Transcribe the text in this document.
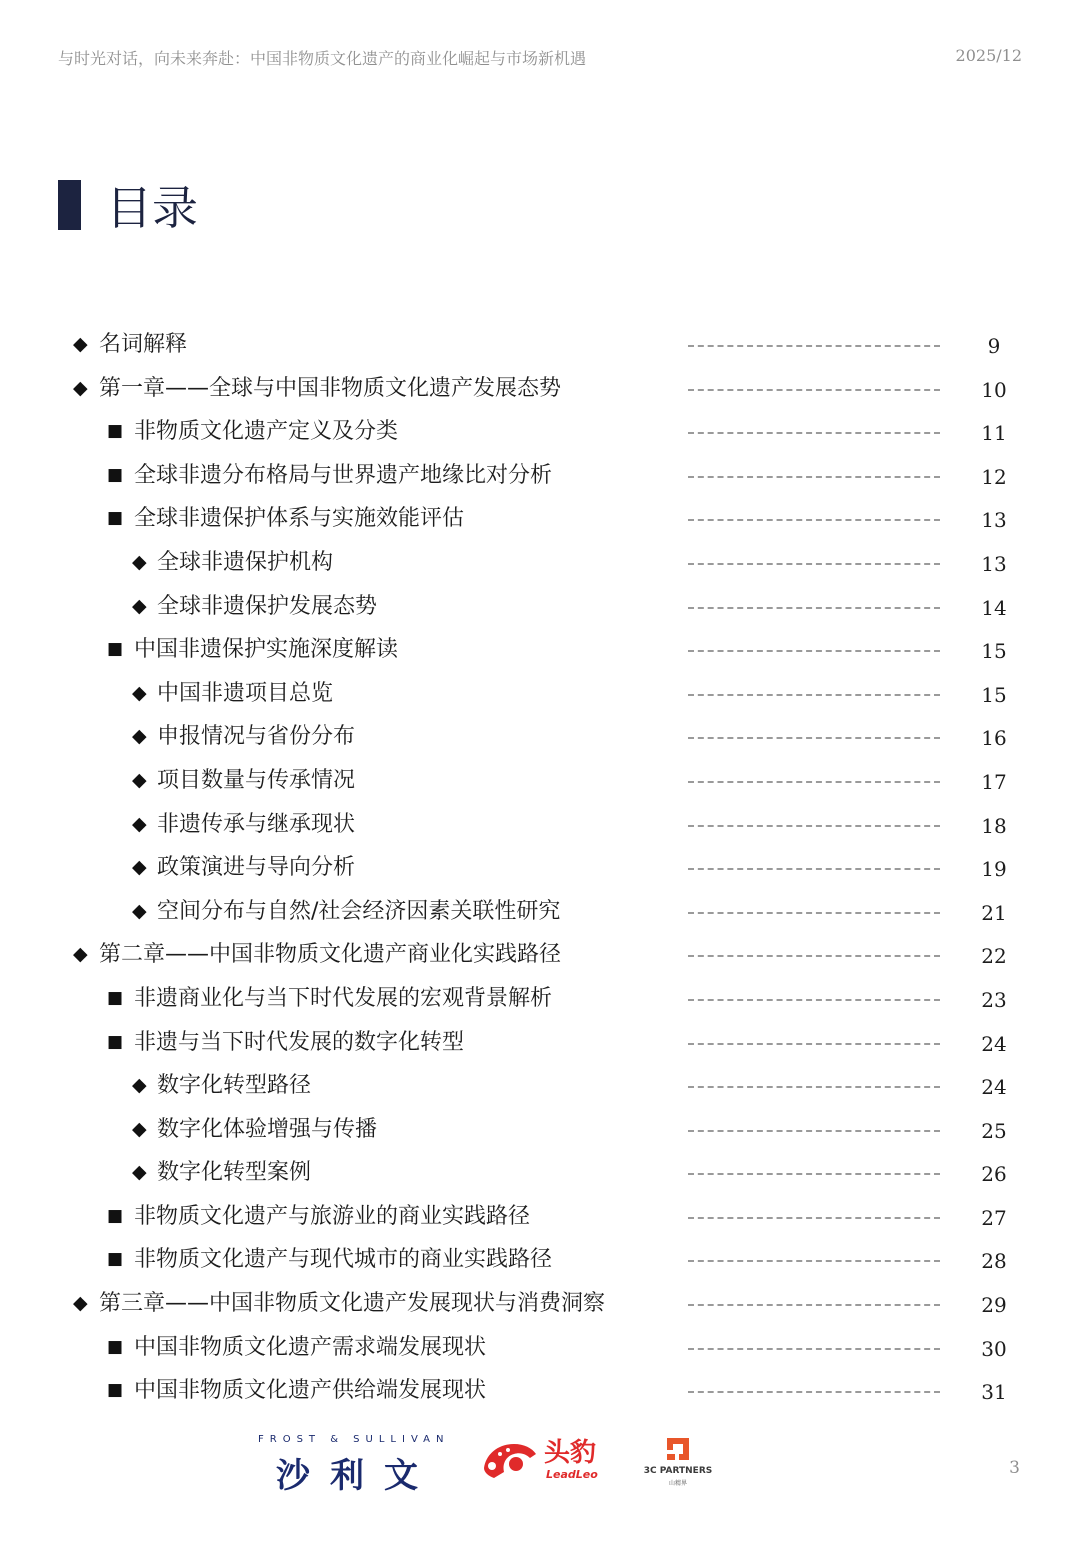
与时光对话，向未来奔赴：中国非物质文化遗产的商业化崛起与市场新机遇	2025/12
目录
◆ 名词解释	9
◆ 第一章——全球与中国非物质文化遗产发展态势	10
■ 非物质文化遗产定义及分类	11
■ 全球非遗分布格局与世界遗产地缘比对分析	12
■ 全球非遗保护体系与实施效能评估	13
◆ 全球非遗保护机构	13
◆ 全球非遗保护发展态势	14
■ 中国非遗保护实施深度解读	15
◆ 中国非遗项目总览	15
◆ 申报情况与省份分布	16
◆ 项目数量与传承情况	17
◆ 非遗传承与继承现状	18
◆ 政策演进与导向分析	19
◆ 空间分布与自然/社会经济因素关联性研究	21
◆ 第二章——中国非物质文化遗产商业化实践路径	22
■ 非遗商业化与当下时代发展的宏观背景解析	23
■ 非遗与当下时代发展的数字化转型	24
◆ 数字化转型路径	24
◆ 数字化体验增强与传播	25
◆ 数字化转型案例	26
■ 非物质文化遗产与旅游业的商业实践路径	27
■ 非物质文化遗产与现代城市的商业实践路径	28
◆ 第三章——中国非物质文化遗产发展现状与消费洞察	29
■ 中国非物质文化遗产需求端发展现状	30
■ 中国非物质文化遗产供给端发展现状	31
FROST & SULLIVAN
沙利文
头豹
LeadLeo	3C PARTNERS
山精界
3
